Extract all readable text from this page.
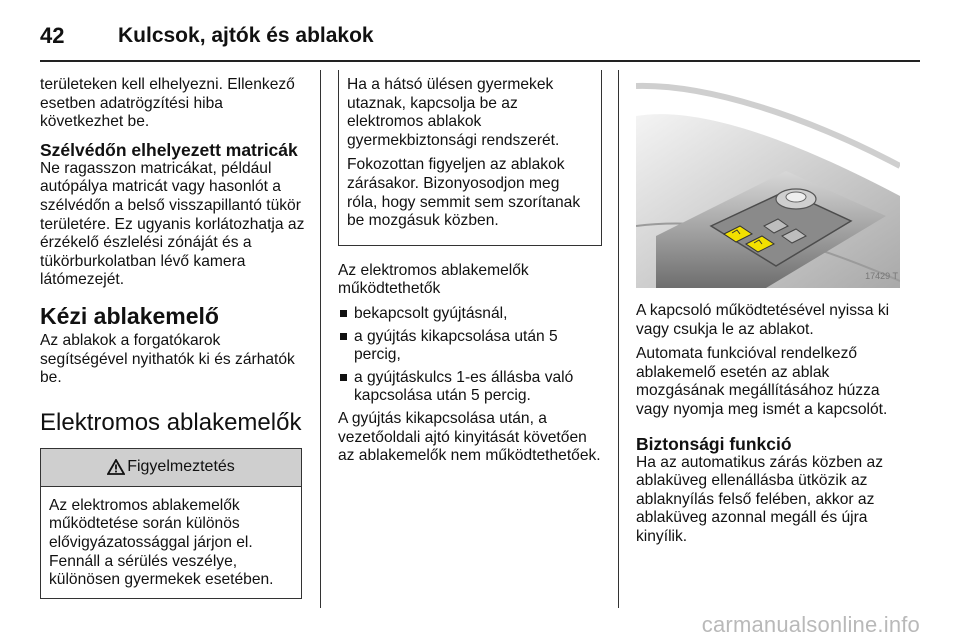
42	Kulcsok, ajtók és ablakok

területeken kell elhelyezni. Ellenkező esetben adatrögzítési hiba következhet be.

Szélvédőn elhelyezett matricák

Ne ragasszon matricákat, például autópálya matricát vagy hasonlót a szélvédőn a belső visszapillantó tükör területére. Ez ugyanis korlátozhatja az érzékelő észlelési zónáját és a tükörburkolatban lévő kamera látómezejét.

Kézi ablakemelő

Az ablakok a forgatókarok segítségével nyithatók ki és zárhatók be.

Elektromos ablakemelők
Figyelmeztetés
Az elektromos ablakemelők működtetése során különös elővigyázatossággal járjon el. Fennáll a sérülés veszélye, különösen gyermekek esetében.

Ha a hátsó ülésen gyermekek utaznak, kapcsolja be az elektromos ablakok gyermekbiztonsági rendszerét.

Fokozottan figyeljen az ablakok zárásakor. Bizonyosodjon meg róla, hogy semmit sem szorítanak be mozgásuk közben.

Az elektromos ablakemelők működtethetők

bekapcsolt gyújtásnál,
a gyújtás kikapcsolása után 5 percig,
a gyújtáskulcs 1-es állásba való kapcsolása után 5 percig.

A gyújtás kikapcsolása után, a vezetőoldali ajtó kinyitását követően az ablakemelők nem működtethetőek.

17429 T

A kapcsoló működtetésével nyissa ki vagy csukja le az ablakot.

Automata funkcióval rendelkező ablakemelő esetén az ablak mozgásának megállításához húzza vagy nyomja meg ismét a kapcsolót.

Biztonsági funkció

Ha az automatikus zárás közben az ablaküveg ellenállásba ütközik az ablaknyílás felső felében, akkor az ablaküveg azonnal megáll és újra kinyílik.

carmanualsonline.info
